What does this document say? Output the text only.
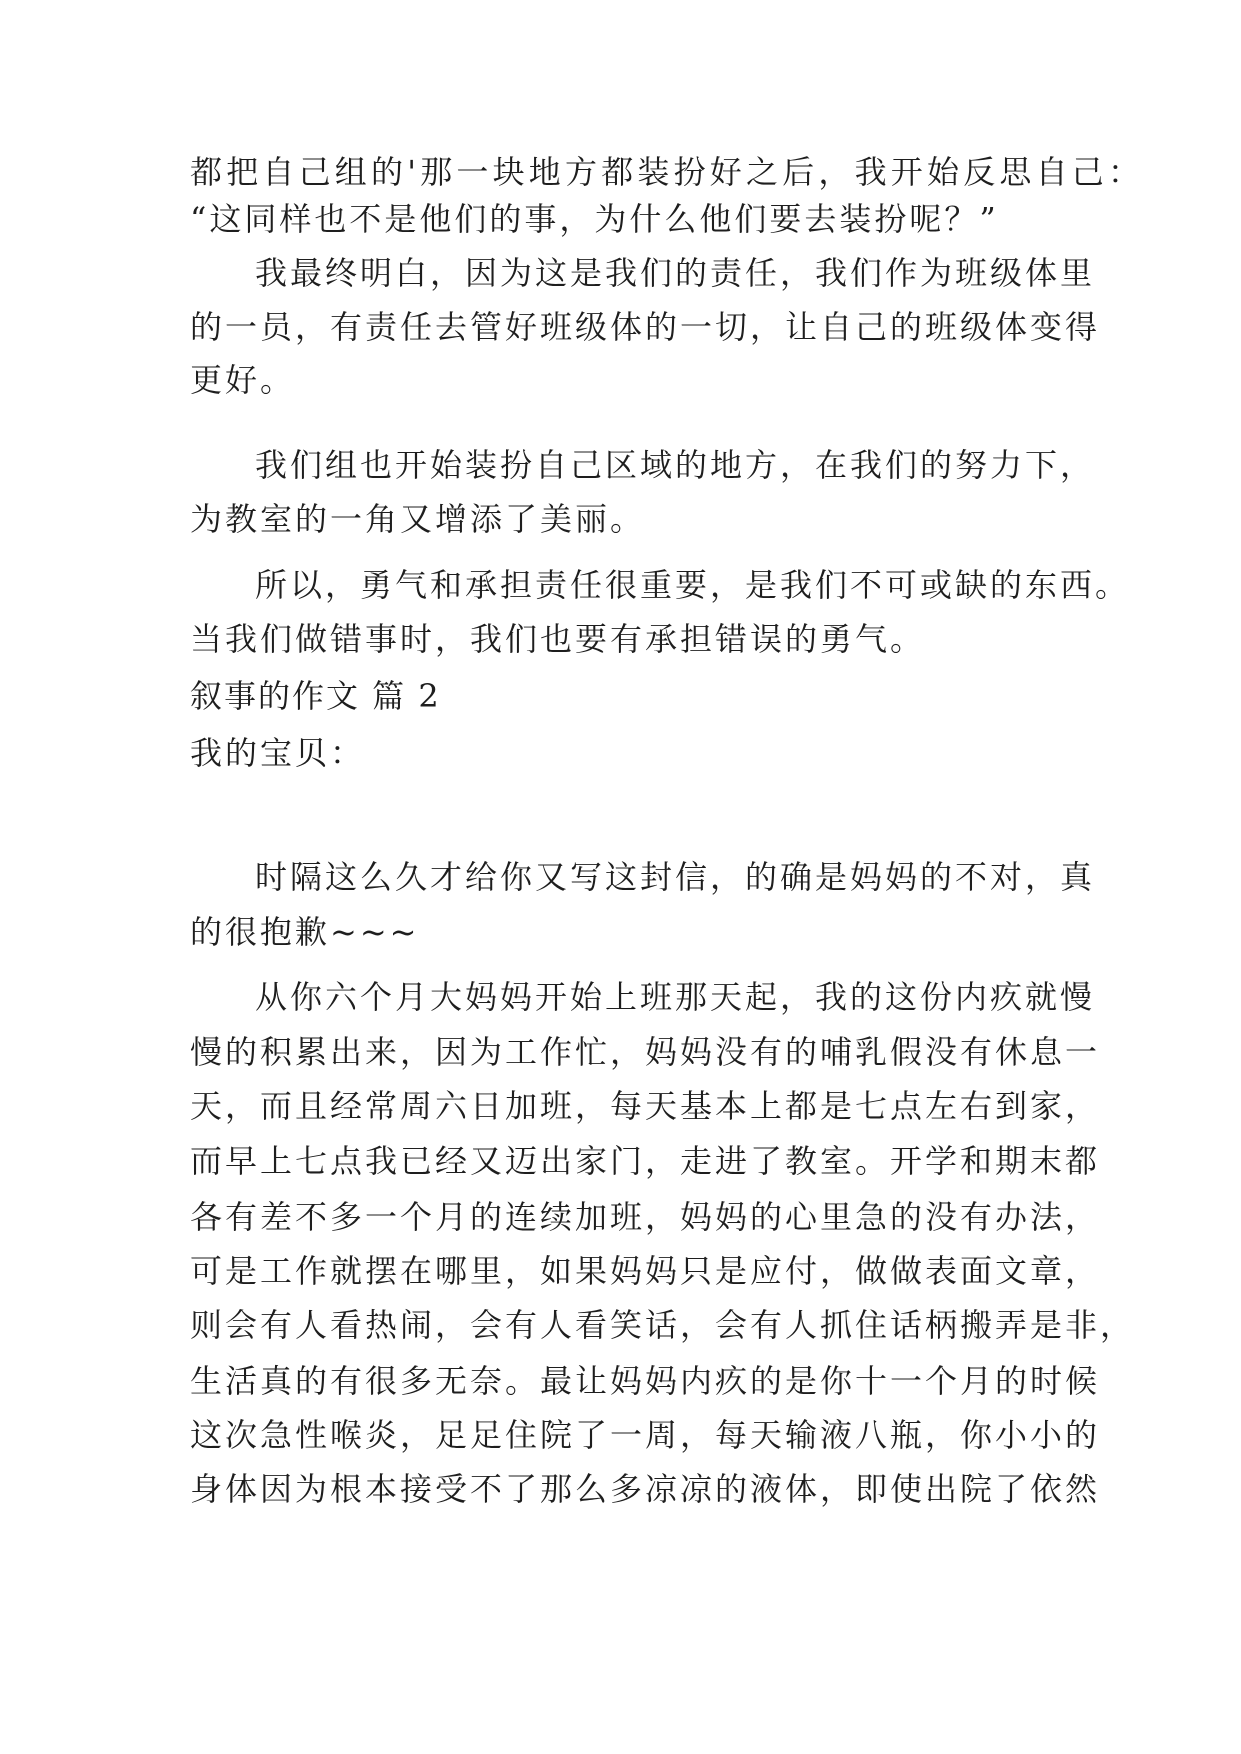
都把自己组的'那一块地方都装扮好之后，我开始反思自己：
“这同样也不是他们的事，为什么他们要去装扮呢？”
我最终明白，因为这是我们的责任，我们作为班级体里
的一员，有责任去管好班级体的一切，让自己的班级体变得
更好。
我们组也开始装扮自己区域的地方，在我们的努力下，
为教室的一角又增添了美丽。
所以，勇气和承担责任很重要，是我们不可或缺的东西。
当我们做错事时，我们也要有承担错误的勇气。
叙事的作文 篇 2
我的宝贝：
时隔这么久才给你又写这封信，的确是妈妈的不对，真
的很抱歉~~~
从你六个月大妈妈开始上班那天起，我的这份内疚就慢
慢的积累出来，因为工作忙，妈妈没有的哺乳假没有休息一
天，而且经常周六日加班，每天基本上都是七点左右到家，
而早上七点我已经又迈出家门，走进了教室。开学和期末都
各有差不多一个月的连续加班，妈妈的心里急的没有办法，
可是工作就摆在哪里，如果妈妈只是应付，做做表面文章，
则会有人看热闹，会有人看笑话，会有人抓住话柄搬弄是非，
生活真的有很多无奈。最让妈妈内疚的是你十一个月的时候
这次急性喉炎，足足住院了一周，每天输液八瓶，你小小的
身体因为根本接受不了那么多凉凉的液体，即使出院了依然
